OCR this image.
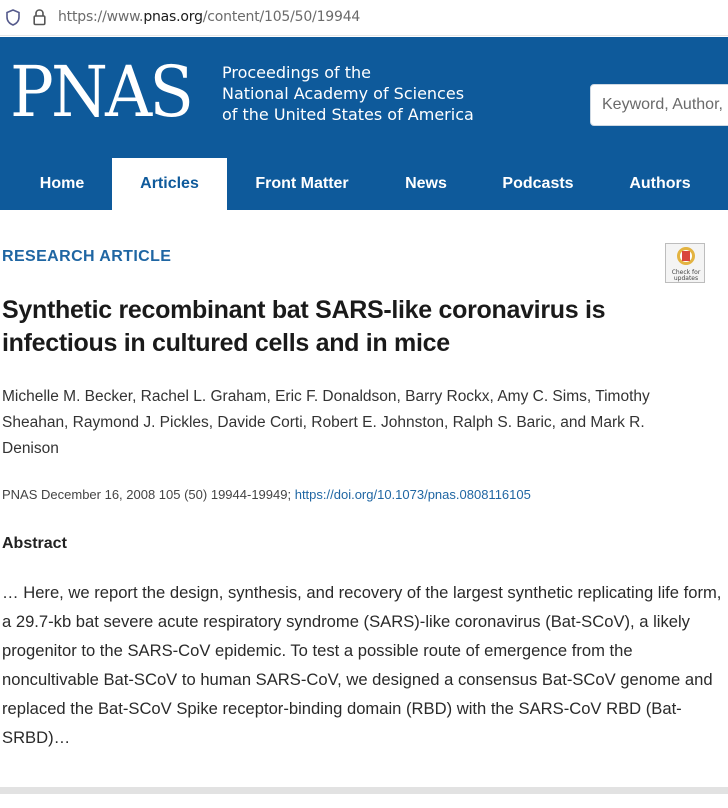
https://www.pnas.org/content/105/50/19944
PNAS Proceedings of the
National Academy of Sciences
of the United States of America
Keyword, Author, or DOI
Home	Articles	Front Matter	News	Podcasts	Authors
RESEARCH ARTICLE
Check for
updates
Synthetic recombinant bat SARS-like coronavirus is infectious in cultured cells and in mice
Michelle M. Becker, Rachel L. Graham, Eric F. Donaldson, Barry Rockx, Amy C. Sims, Timothy Sheahan, Raymond J. Pickles, Davide Corti, Robert E. Johnston, Ralph S. Baric, and Mark R. Denison
PNAS December 16, 2008 105 (50) 19944-19949; https://doi.org/10.1073/pnas.0808116105
Abstract

… Here, we report the design, synthesis, and recovery of the largest synthetic replicating life form, a 29.7-kb bat severe acute respiratory syndrome (SARS)-like coronavirus (Bat-SCoV), a likely progenitor to the SARS-CoV epidemic. To test a possible route of emergence from the noncultivable Bat-SCoV to human SARS-CoV, we designed a consensus Bat-SCoV genome and replaced the Bat-SCoV Spike receptor-binding domain (RBD) with the SARS-CoV RBD (Bat-SRBD)…
